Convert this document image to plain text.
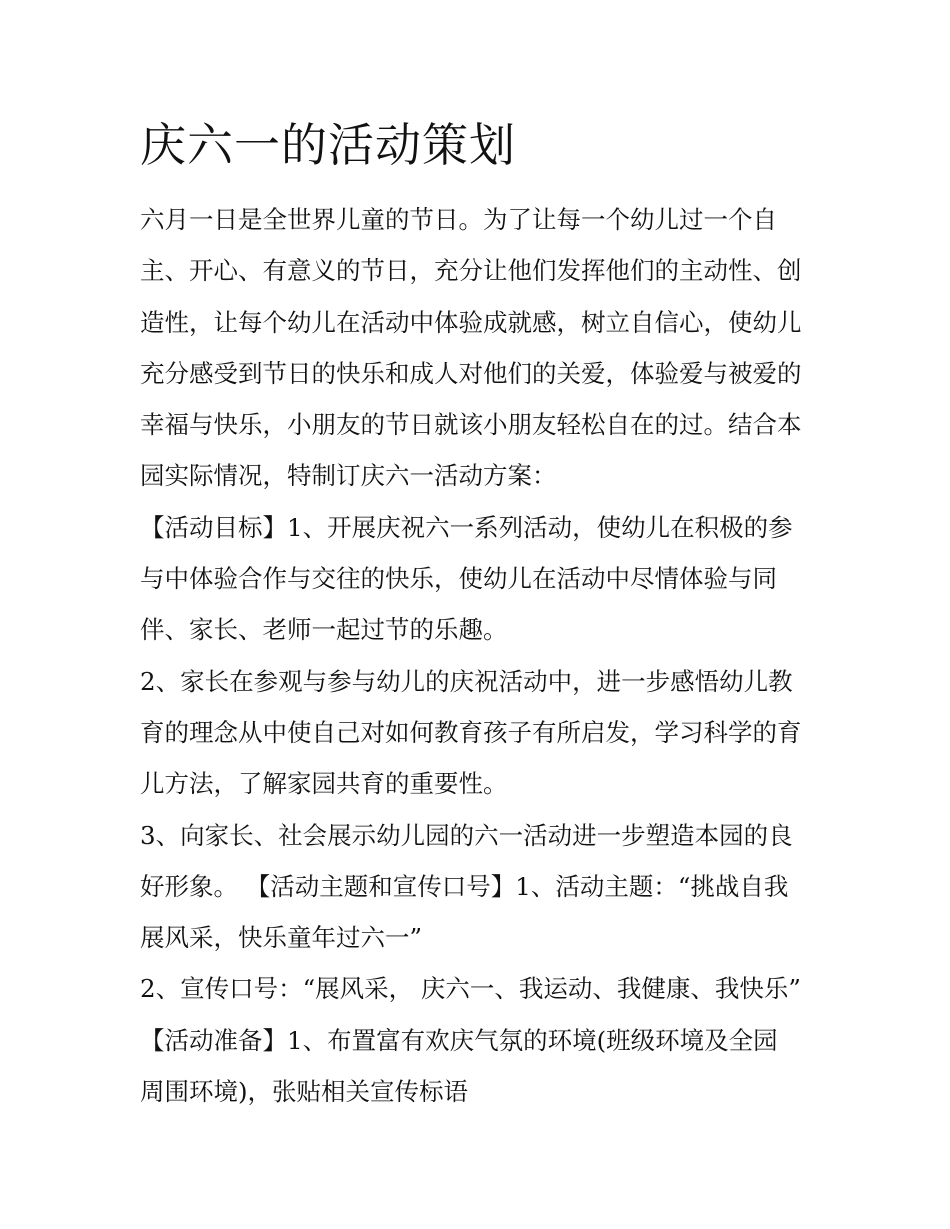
庆六一的活动策划

六月一日是全世界儿童的节日。为了让每一个幼儿过一个自
主、开心、有意义的节日，充分让他们发挥他们的主动性、创
造性，让每个幼儿在活动中体验成就感，树立自信心，使幼儿
充分感受到节日的快乐和成人对他们的关爱，体验爱与被爱的
幸福与快乐，小朋友的节日就该小朋友轻松自在的过。结合本
园实际情况，特制订庆六一活动方案：

【活动目标】1、开展庆祝六一系列活动，使幼儿在积极的参
与中体验合作与交往的快乐，使幼儿在活动中尽情体验与同
伴、家长、老师一起过节的乐趣。

2、家长在参观与参与幼儿的庆祝活动中，进一步感悟幼儿教
育的理念从中使自己对如何教育孩子有所启发，学习科学的育
儿方法，了解家园共育的重要性。

3、向家长、社会展示幼儿园的六一活动进一步塑造本园的良
好形象。 【活动主题和宣传口号】1、活动主题：“挑战自我
展风采，快乐童年过六一”

2、宣传口号：“展风采， 庆六一、我运动、我健康、我快乐”

【活动准备】1、布置富有欢庆气氛的环境(班级环境及全园
周围环境)，张贴相关宣传标语
